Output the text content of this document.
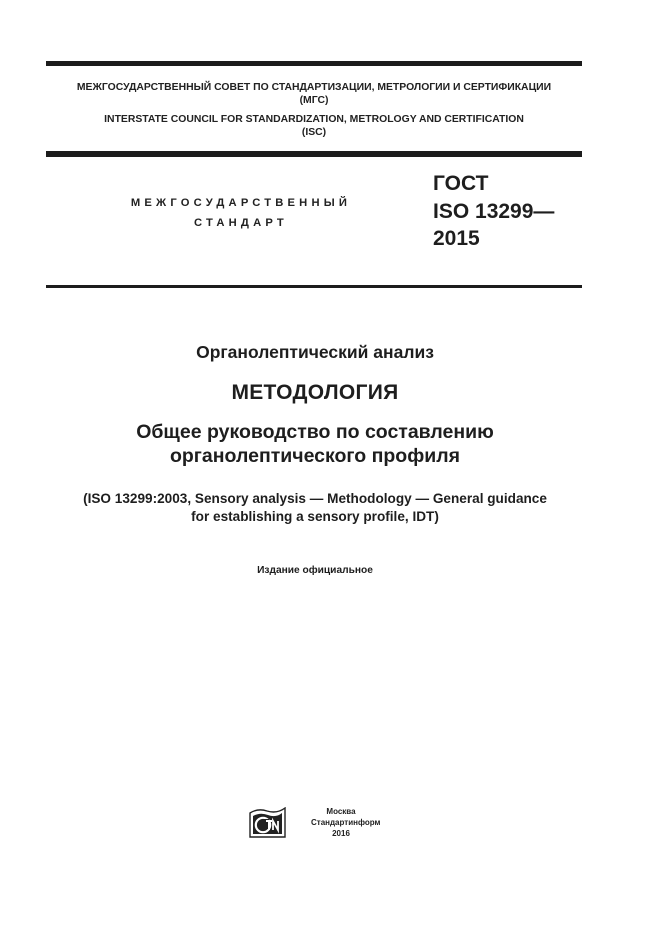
МЕЖГОСУДАРСТВЕННЫЙ СОВЕТ ПО СТАНДАРТИЗАЦИИ, МЕТРОЛОГИИ И СЕРТИФИКАЦИИ
(МГС)
INTERSTATE COUNCIL FOR STANDARDIZATION, METROLOGY AND CERTIFICATION
(ISC)
МЕЖГОСУДАРСТВЕННЫЙ
СТАНДАРТ
ГОСТ
ISO 13299—
2015
Органолептический анализ
МЕТОДОЛОГИЯ
Общее руководство по составлению
органолептического профиля
(ISO 13299:2003, Sensory analysis — Methodology — General guidance
for establishing a sensory profile, IDT)
Издание официальное
Москва
Стандартинформ
2016
